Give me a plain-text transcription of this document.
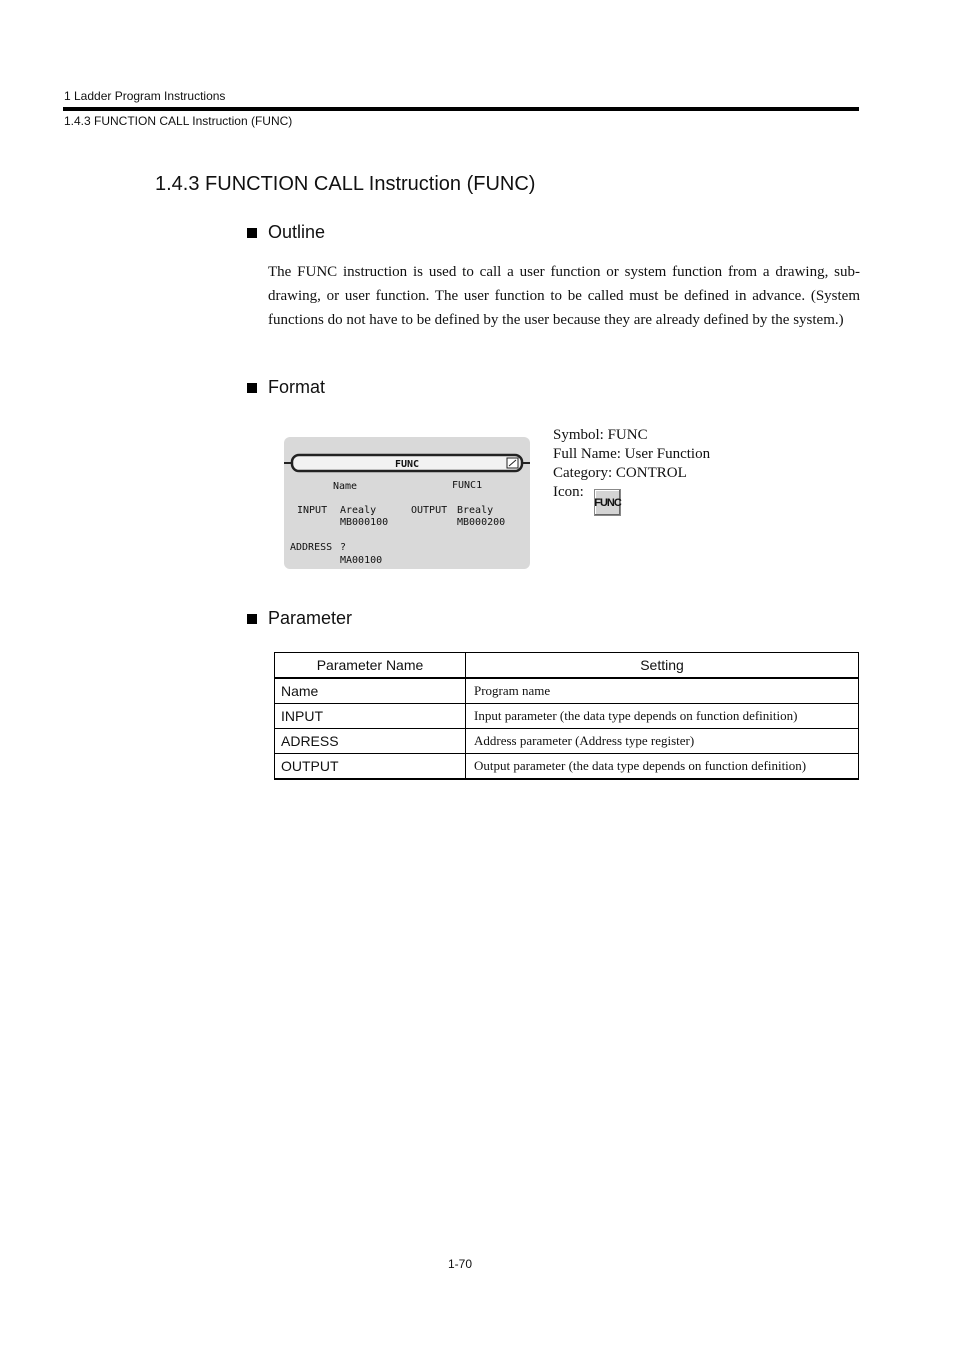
1 Ladder Program Instructions
1.4.3 FUNCTION CALL Instruction (FUNC)
1.4.3 FUNCTION CALL Instruction (FUNC)
Outline
The FUNC instruction is used to call a user function or system function from a drawing, sub-drawing, or user function. The user function to be called must be defined in advance. (System functions do not have to be defined by the user because they are already defined by the system.)
Format
FUNC
Name	FUNC1
INPUT Arealy
MB000100
OUTPUT Brealy
MB000200
ADDRESS ?
MA00100
Symbol: FUNC
Full Name: User Function
Category: CONTROL
Icon:
FUNC
Parameter
Parameter Name	Setting
Name	Program name
INPUT	Input parameter (the data type depends on function definition)
ADRESS	Address parameter (Address type register)
OUTPUT	Output parameter (the data type depends on function definition)
1-70
